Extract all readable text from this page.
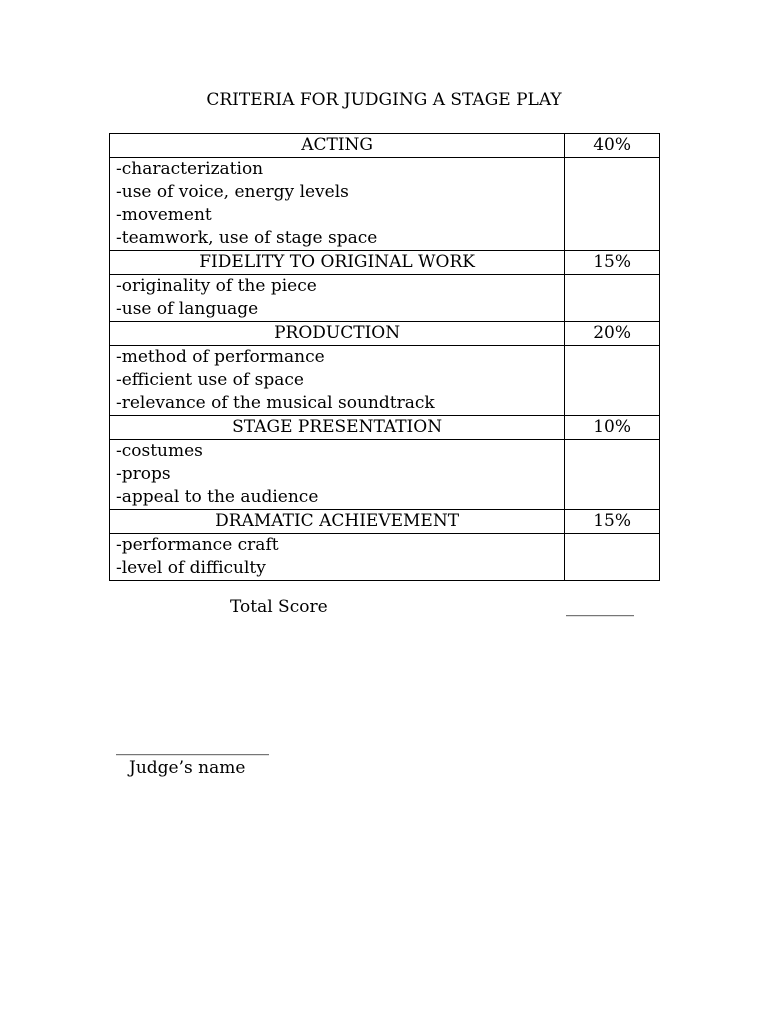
CRITERIA FOR JUDGING A STAGE PLAY
ACTING	40%

-characterization
-use of voice, energy levels
-movement
-teamwork, use of stage space	

FIDELITY TO ORIGINAL WORK	15%

-originality of the piece
-use of language	

PRODUCTION	20%

-method of performance
-efficient use of space
-relevance of the musical soundtrack	

STAGE PRESENTATION	10%

-costumes
-props
-appeal to the audience	

DRAMATIC ACHIEVEMENT	15%

-performance craft
-level of difficulty	

Total Score	________
__________________
Judge’s name
